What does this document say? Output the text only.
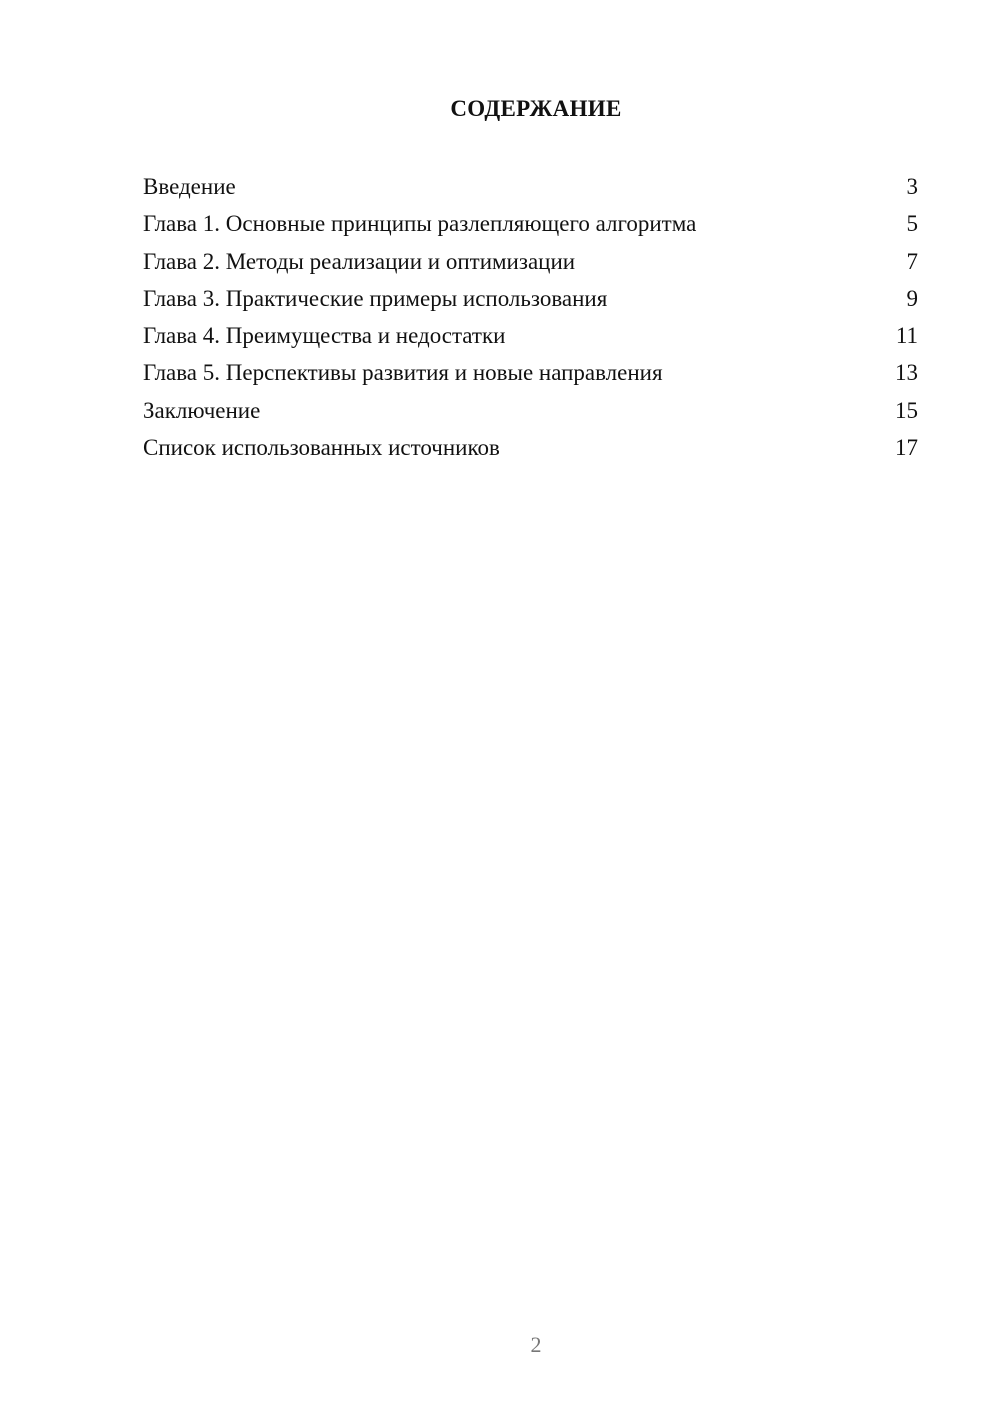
СОДЕРЖАНИЕ
Введение	3
Глава 1. Основные принципы разлепляющего алгоритма	5
Глава 2. Методы реализации и оптимизации	7
Глава 3. Практические примеры использования	9
Глава 4. Преимущества и недостатки	11
Глава 5. Перспективы развития и новые направления	13
Заключение	15
Список использованных источников	17
2
